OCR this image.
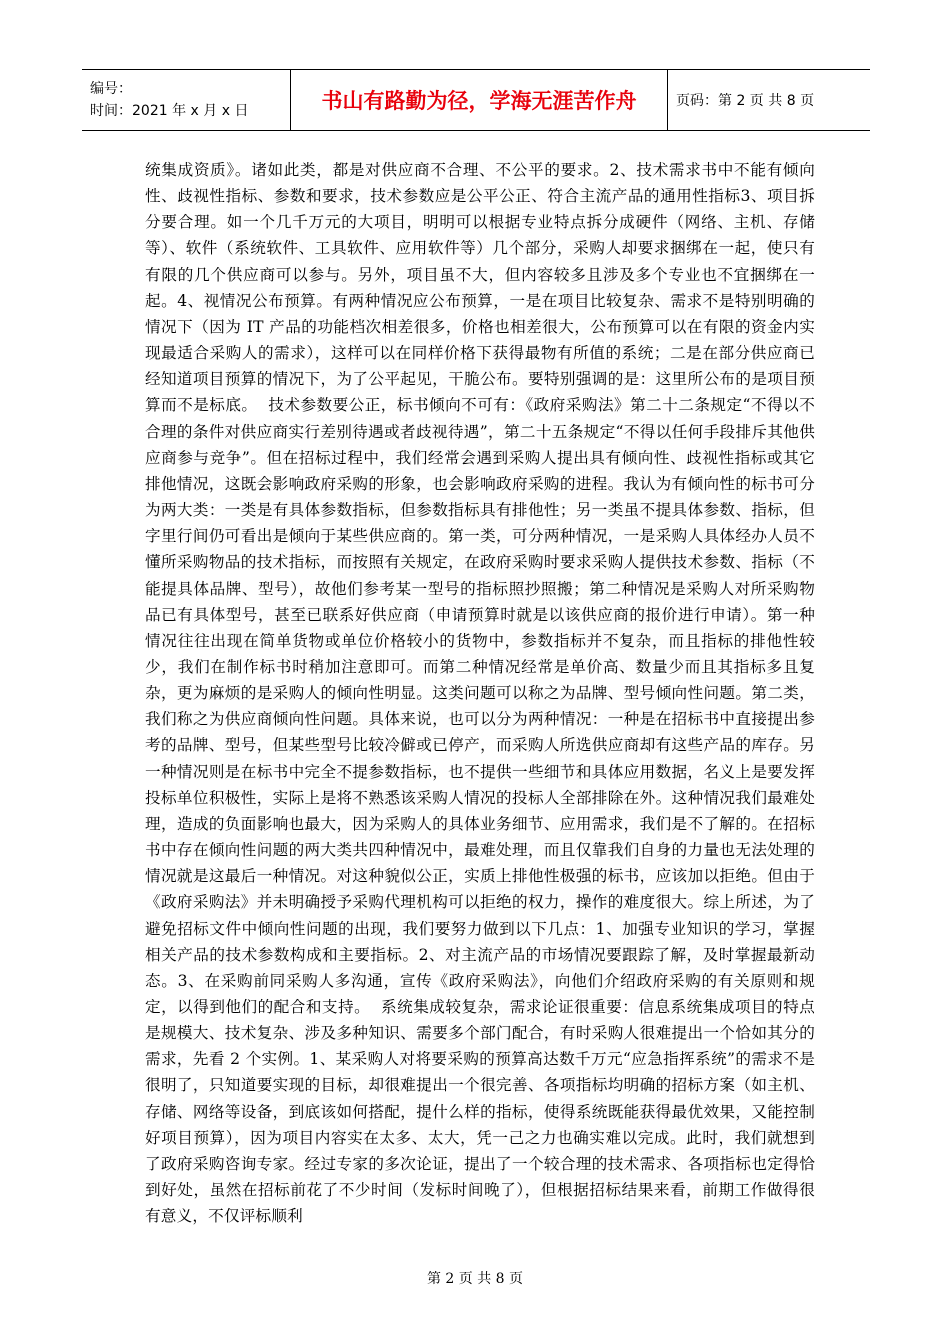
编号：
时间：2021 年 x 月 x 日	书山有路勤为径，学海无涯苦作舟	页码：第 2 页 共 8 页
统集成资质》。诸如此类，都是对供应商不合理、不公平的要求。2、技术需求书中不能有倾向性、歧视性指标、参数和要求，技术参数应是公平公正、符合主流产品的通用性指标3、项目拆分要合理。如一个几千万元的大项目，明明可以根据专业特点拆分成硬件（网络、主机、存储等）、软件（系统软件、工具软件、应用软件等）几个部分，采购人却要求捆绑在一起，使只有有限的几个供应商可以参与。另外，项目虽不大，但内容较多且涉及多个专业也不宜捆绑在一起。4、视情况公布预算。有两种情况应公布预算，一是在项目比较复杂、需求不是特别明确的情况下（因为 IT 产品的功能档次相差很多，价格也相差很大，公布预算可以在有限的资金内实现最适合采购人的需求），这样可以在同样价格下获得最物有所值的系统；二是在部分供应商已经知道项目预算的情况下，为了公平起见，干脆公布。要特别强调的是：这里所公布的是项目预算而不是标底。  技术参数要公正，标书倾向不可有：《政府采购法》第二十二条规定“不得以不合理的条件对供应商实行差别待遇或者歧视待遇”，第二十五条规定“不得以任何手段排斥其他供应商参与竞争”。但在招标过程中，我们经常会遇到采购人提出具有倾向性、歧视性指标或其它排他情况，这既会影响政府采购的形象，也会影响政府采购的进程。我认为有倾向性的标书可分为两大类：一类是有具体参数指标，但参数指标具有排他性；另一类虽不提具体参数、指标，但字里行间仍可看出是倾向于某些供应商的。第一类，可分两种情况，一是采购人具体经办人员不懂所采购物品的技术指标，而按照有关规定，在政府采购时要求采购人提供技术参数、指标（不能提具体品牌、型号），故他们参考某一型号的指标照抄照搬；第二种情况是采购人对所采购物品已有具体型号，甚至已联系好供应商（申请预算时就是以该供应商的报价进行申请）。第一种情况往往出现在简单货物或单位价格较小的货物中，参数指标并不复杂，而且指标的排他性较少，我们在制作标书时稍加注意即可。而第二种情况经常是单价高、数量少而且其指标多且复杂，更为麻烦的是采购人的倾向性明显。这类问题可以称之为品牌、型号倾向性问题。第二类，我们称之为供应商倾向性问题。具体来说，也可以分为两种情况：一种是在招标书中直接提出参考的品牌、型号，但某些型号比较冷僻或已停产，而采购人所选供应商却有这些产品的库存。另一种情况则是在标书中完全不提参数指标，也不提供一些细节和具体应用数据，名义上是要发挥投标单位积极性，实际上是将不熟悉该采购人情况的投标人全部排除在外。这种情况我们最难处理，造成的负面影响也最大，因为采购人的具体业务细节、应用需求，我们是不了解的。在招标书中存在倾向性问题的两大类共四种情况中，最难处理，而且仅靠我们自身的力量也无法处理的情况就是这最后一种情况。对这种貌似公正，实质上排他性极强的标书，应该加以拒绝。但由于《政府采购法》并未明确授予采购代理机构可以拒绝的权力，操作的难度很大。综上所述，为了避免招标文件中倾向性问题的出现，我们要努力做到以下几点：1、加强专业知识的学习，掌握相关产品的技术参数构成和主要指标。2、对主流产品的市场情况要跟踪了解，及时掌握最新动态。3、在采购前同采购人多沟通，宣传《政府采购法》，向他们介绍政府采购的有关原则和规定，以得到他们的配合和支持。  系统集成较复杂，需求论证很重要：信息系统集成项目的特点是规模大、技术复杂、涉及多种知识、需要多个部门配合，有时采购人很难提出一个恰如其分的需求，先看 2 个实例。1、某采购人对将要采购的预算高达数千万元“应急指挥系统”的需求不是很明了，只知道要实现的目标，却很难提出一个很完善、各项指标均明确的招标方案（如主机、存储、网络等设备，到底该如何搭配，提什么样的指标，使得系统既能获得最优效果，又能控制好项目预算），因为项目内容实在太多、太大，凭一己之力也确实难以完成。此时，我们就想到了政府采购咨询专家。经过专家的多次论证，提出了一个较合理的技术需求、各项指标也定得恰到好处，虽然在招标前花了不少时间（发标时间晚了），但根据招标结果来看，前期工作做得很有意义，不仅评标顺利
第 2 页 共 8 页
